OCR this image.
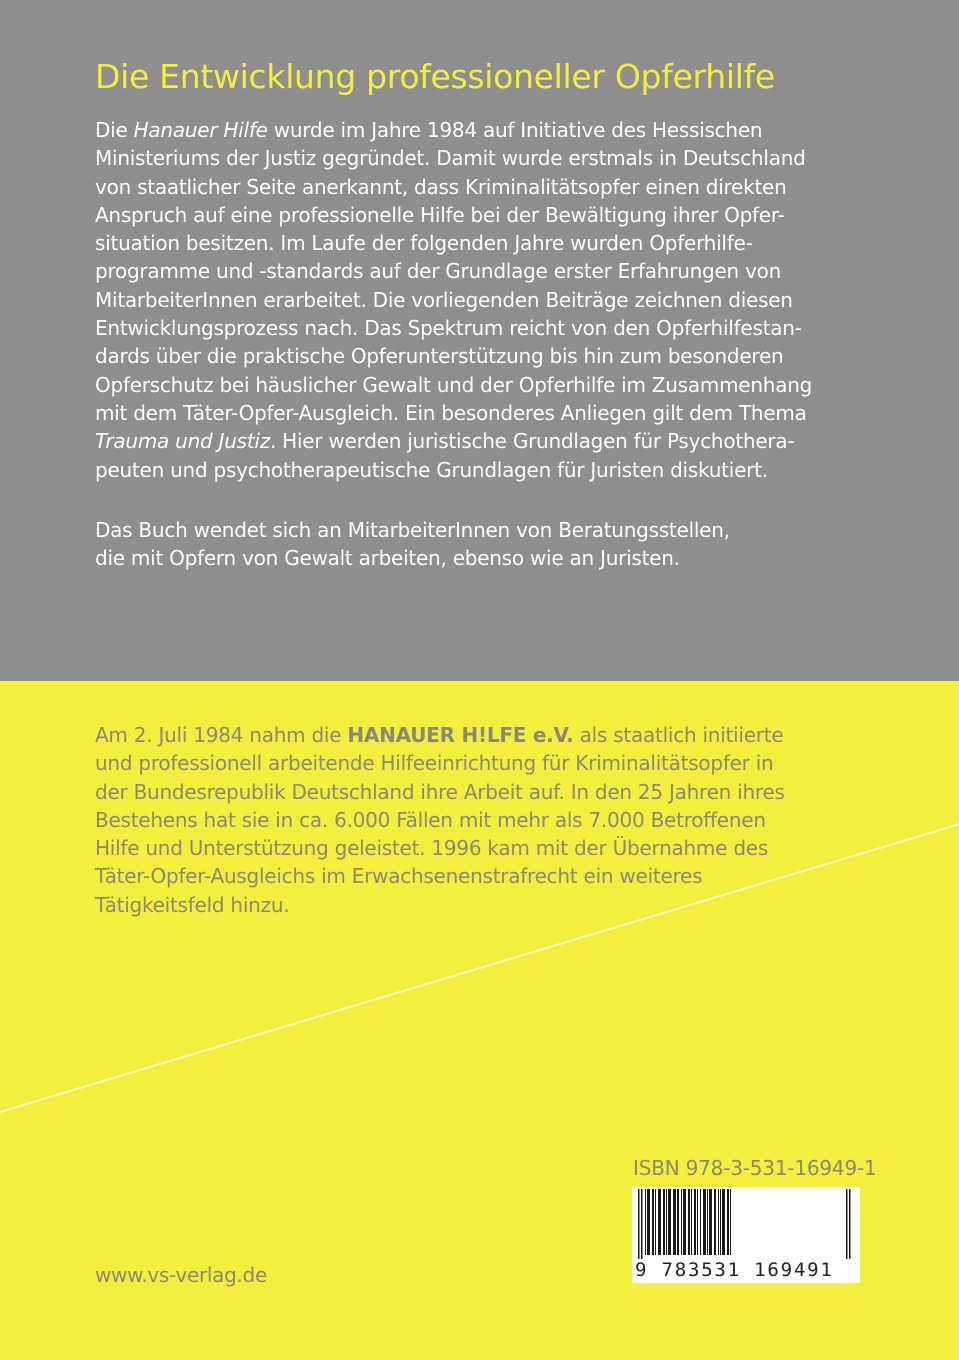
Die Entwicklung professioneller Opferhilfe
Die Hanauer Hilfe wurde im Jahre 1984 auf Initiative des Hessischen
Ministeriums der Justiz gegründet. Damit wurde erstmals in Deutschland
von staatlicher Seite anerkannt, dass Kriminalitätsopfer einen direkten
Anspruch auf eine professionelle Hilfe bei der Bewältigung ihrer Opfer-
situation besitzen. Im Laufe der folgenden Jahre wurden Opferhilfe-
programme und -standards auf der Grundlage erster Erfahrungen von
MitarbeiterInnen erarbeitet. Die vorliegenden Beiträge zeichnen diesen
Entwicklungsprozess nach. Das Spektrum reicht von den Opferhilfestan-
dards über die praktische Opferunterstützung bis hin zum besonderen
Opferschutz bei häuslicher Gewalt und der Opferhilfe im Zusammenhang
mit dem Täter-Opfer-Ausgleich. Ein besonderes Anliegen gilt dem Thema
Trauma und Justiz. Hier werden juristische Grundlagen für Psychothera-
peuten und psychotherapeutische Grundlagen für Juristen diskutiert.
Das Buch wendet sich an MitarbeiterInnen von Beratungsstellen,
die mit Opfern von Gewalt arbeiten, ebenso wie an Juristen.
Am 2. Juli 1984 nahm die HANAUER H!LFE e.V. als staatlich initiierte
und professionell arbeitende Hilfeeinrichtung für Kriminalitätsopfer in
der Bundesrepublik Deutschland ihre Arbeit auf. In den 25 Jahren ihres
Bestehens hat sie in ca. 6.000 Fällen mit mehr als 7.000 Betroffenen
Hilfe und Unterstützung geleistet. 1996 kam mit der Übernahme des
Täter-Opfer-Ausgleichs im Erwachsenenstrafrecht ein weiteres
Tätigkeitsfeld hinzu.
ISBN 978-3-531-16949-1
9 783531 169491
www.vs-verlag.de
